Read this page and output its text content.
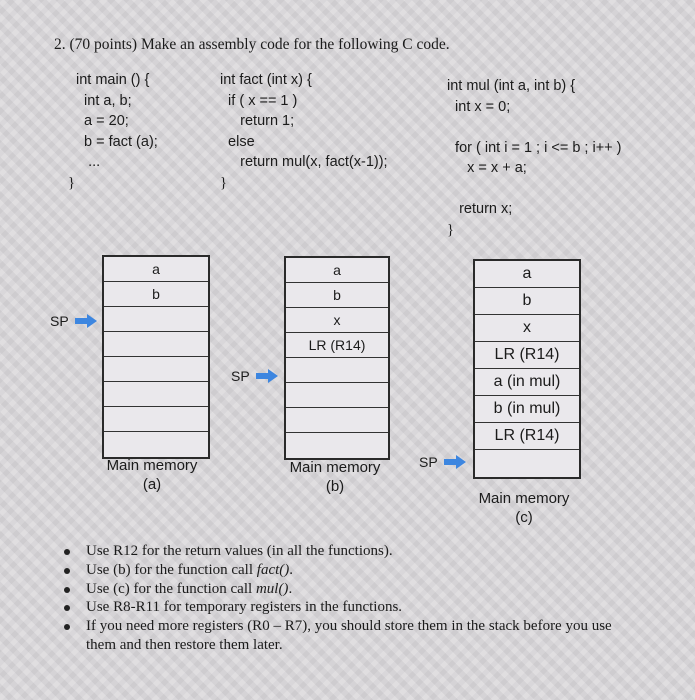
2. (70 points) Make an assembly code for the following C code.
int main () {
int a, b;
a = 20;
b = fact (a);
...
}
int fact (int x) {
if ( x == 1 )
return 1;
else
return mul(x, fact(x-1));
}
int mul (int a, int b) {
int x = 0;
for ( int i = 1 ; i <= b ; i++ )
x = x + a;
return x;
}
a
b
SP
Main memory
(a)
a
b
x
LR (R14)
SP
Main memory
(b)
a
b
x
LR (R14)
a (in mul)
b (in mul)
LR (R14)
SP
Main memory
(c)
Use R12 for the return values (in all the functions).
Use (b) for the function call fact().
Use (c) for the function call mul().
Use R8-R11 for temporary registers in the functions.
If you need more registers (R0 – R7), you should store them in the stack before you use
them and then restore them later.
